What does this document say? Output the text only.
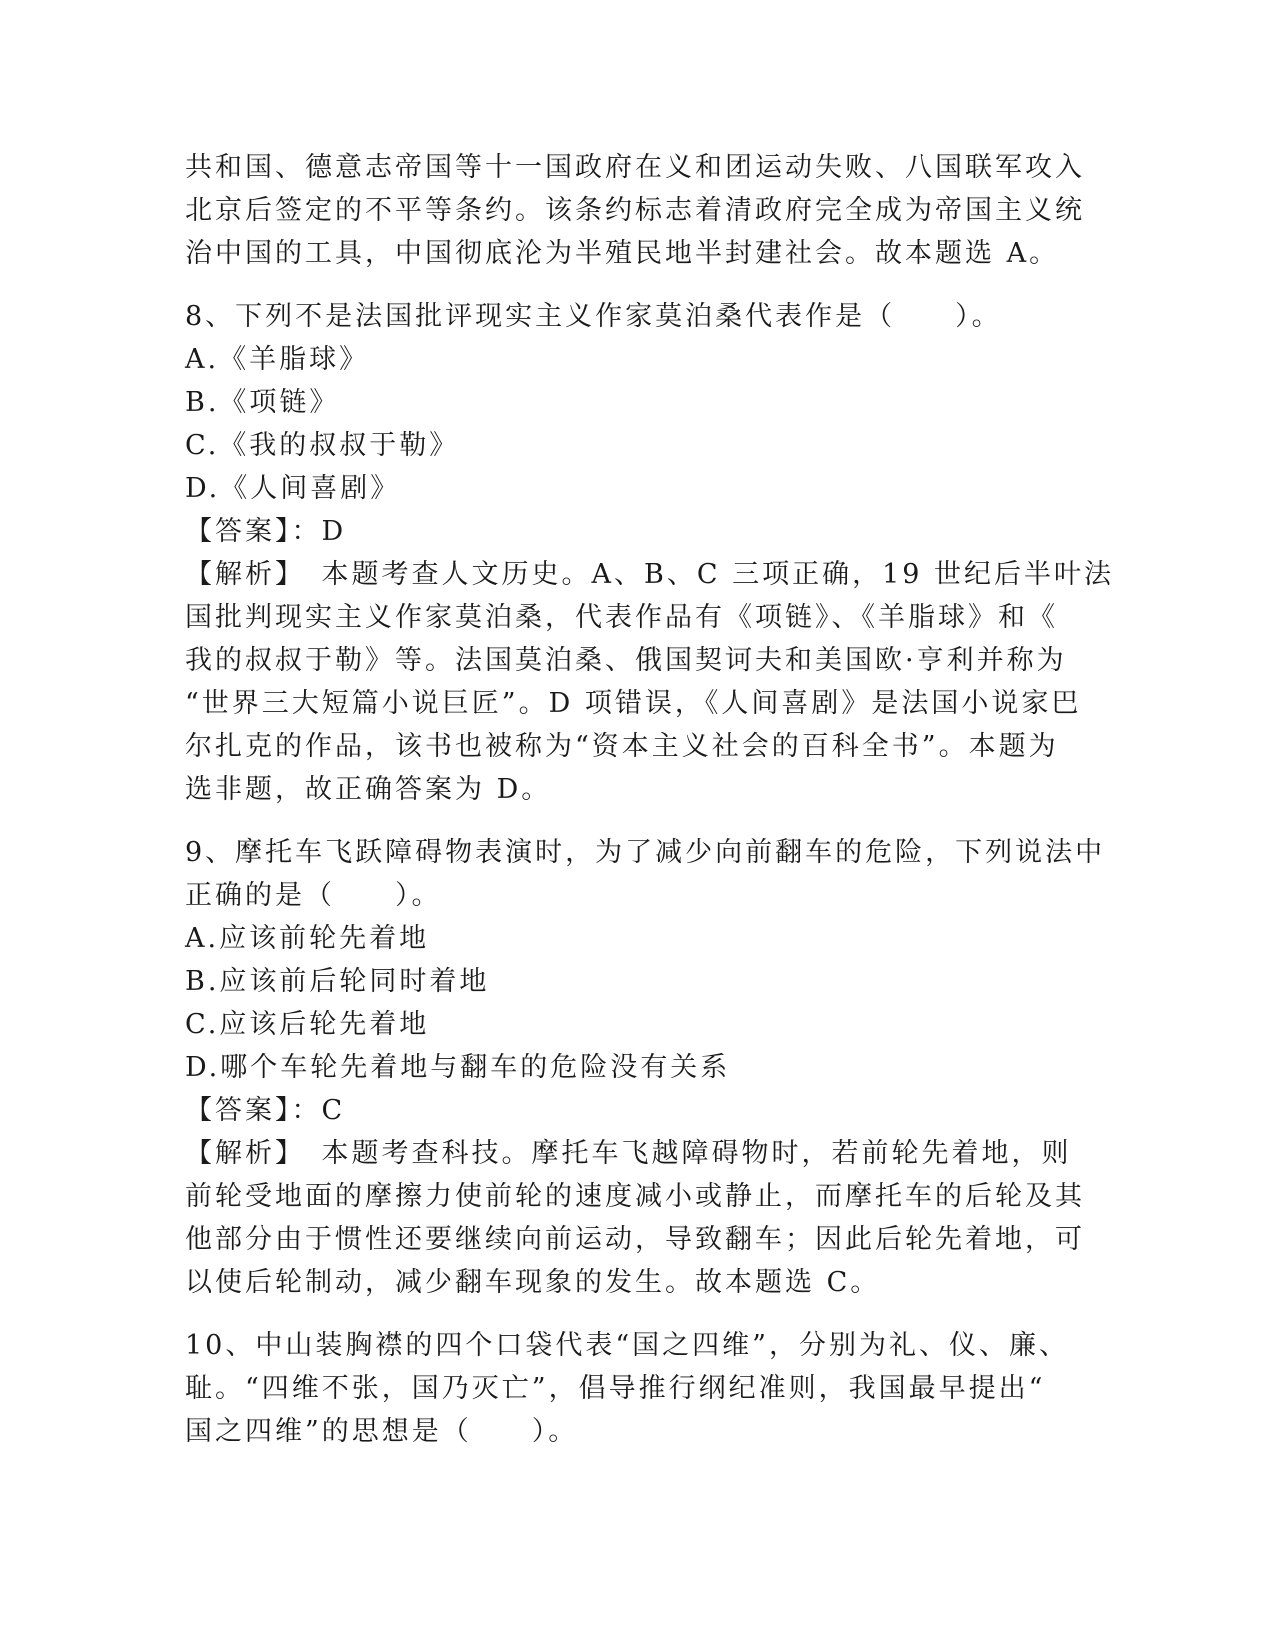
共和国、德意志帝国等十一国政府在义和团运动失败、八国联军攻入

北京后签定的不平等条约。该条约标志着清政府完全成为帝国主义统

治中国的工具，中国彻底沦为半殖民地半封建社会。故本题选 A。

8、下列不是法国批评现实主义作家莫泊桑代表作是（　　）。

A.《羊脂球》

B.《项链》

C.《我的叔叔于勒》

D.《人间喜剧》

【答案】：D

【解析】　本题考查人文历史。A、B、C 三项正确，19 世纪后半叶法

国批判现实主义作家莫泊桑，代表作品有《项链》、《羊脂球》和《

我的叔叔于勒》等。法国莫泊桑、俄国契诃夫和美国欧·亨利并称为

“世界三大短篇小说巨匠”。D 项错误，《人间喜剧》是法国小说家巴

尔扎克的作品，该书也被称为“资本主义社会的百科全书”。本题为

选非题，故正确答案为 D。

9、摩托车飞跃障碍物表演时，为了减少向前翻车的危险，下列说法中

正确的是（　　）。

A.应该前轮先着地

B.应该前后轮同时着地

C.应该后轮先着地

D.哪个车轮先着地与翻车的危险没有关系

【答案】：C

【解析】　本题考查科技。摩托车飞越障碍物时，若前轮先着地，则

前轮受地面的摩擦力使前轮的速度减小或静止，而摩托车的后轮及其

他部分由于惯性还要继续向前运动，导致翻车；因此后轮先着地，可

以使后轮制动，减少翻车现象的发生。故本题选 C。

10、中山装胸襟的四个口袋代表“国之四维”，分别为礼、仪、廉、

耻。“四维不张，国乃灭亡”，倡导推行纲纪准则，我国最早提出“

国之四维”的思想是（　　）。
